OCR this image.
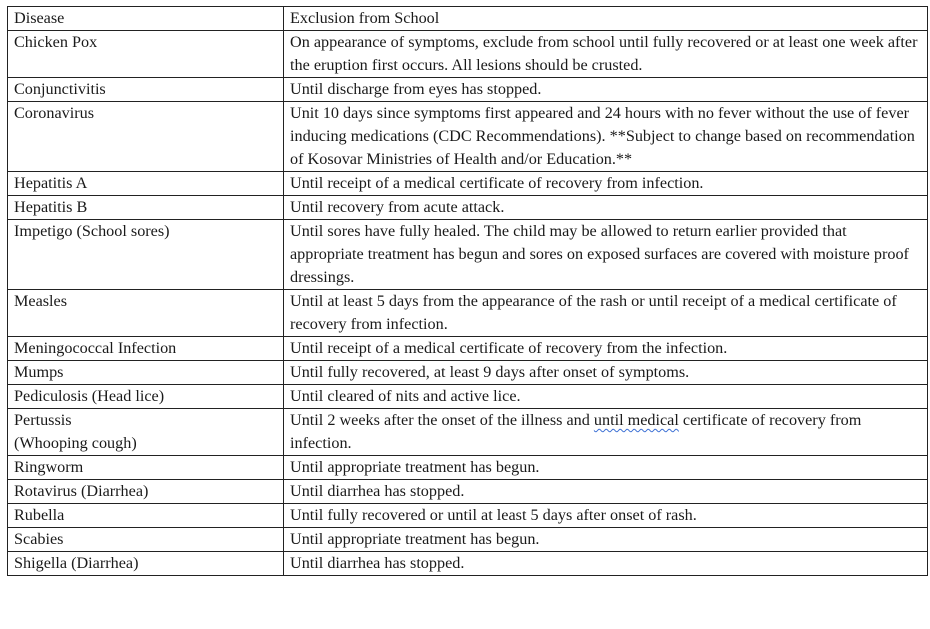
Disease	Exclusion from School
Chicken Pox	On appearance of symptoms, exclude from school until fully recovered or at least one week after the eruption first occurs. All lesions should be crusted.
Conjunctivitis	Until discharge from eyes has stopped.
Coronavirus	Unit 10 days since symptoms first appeared and 24 hours with no fever without the use of fever inducing medications (CDC Recommendations). **Subject to change based on recommendation of Kosovar Ministries of Health and/or Education.**
Hepatitis A	Until receipt of a medical certificate of recovery from infection.
Hepatitis B	Until recovery from acute attack.
Impetigo (School sores)	Until sores have fully healed. The child may be allowed to return earlier provided that appropriate treatment has begun and sores on exposed surfaces are covered with moisture proof dressings.
Measles	Until at least 5 days from the appearance of the rash or until receipt of a medical certificate of recovery from infection.
Meningococcal Infection	Until receipt of a medical certificate of recovery from the infection.
Mumps	Until fully recovered, at least 9 days after onset of symptoms.
Pediculosis (Head lice)	Until cleared of nits and active lice.
Pertussis
(Whooping cough)	Until 2 weeks after the onset of the illness and until medical certificate of recovery from infection.
Ringworm	Until appropriate treatment has begun.
Rotavirus (Diarrhea)	Until diarrhea has stopped.
Rubella	Until fully recovered or until at least 5 days after onset of rash.
Scabies	Until appropriate treatment has begun.
Shigella (Diarrhea)	Until diarrhea has stopped.
